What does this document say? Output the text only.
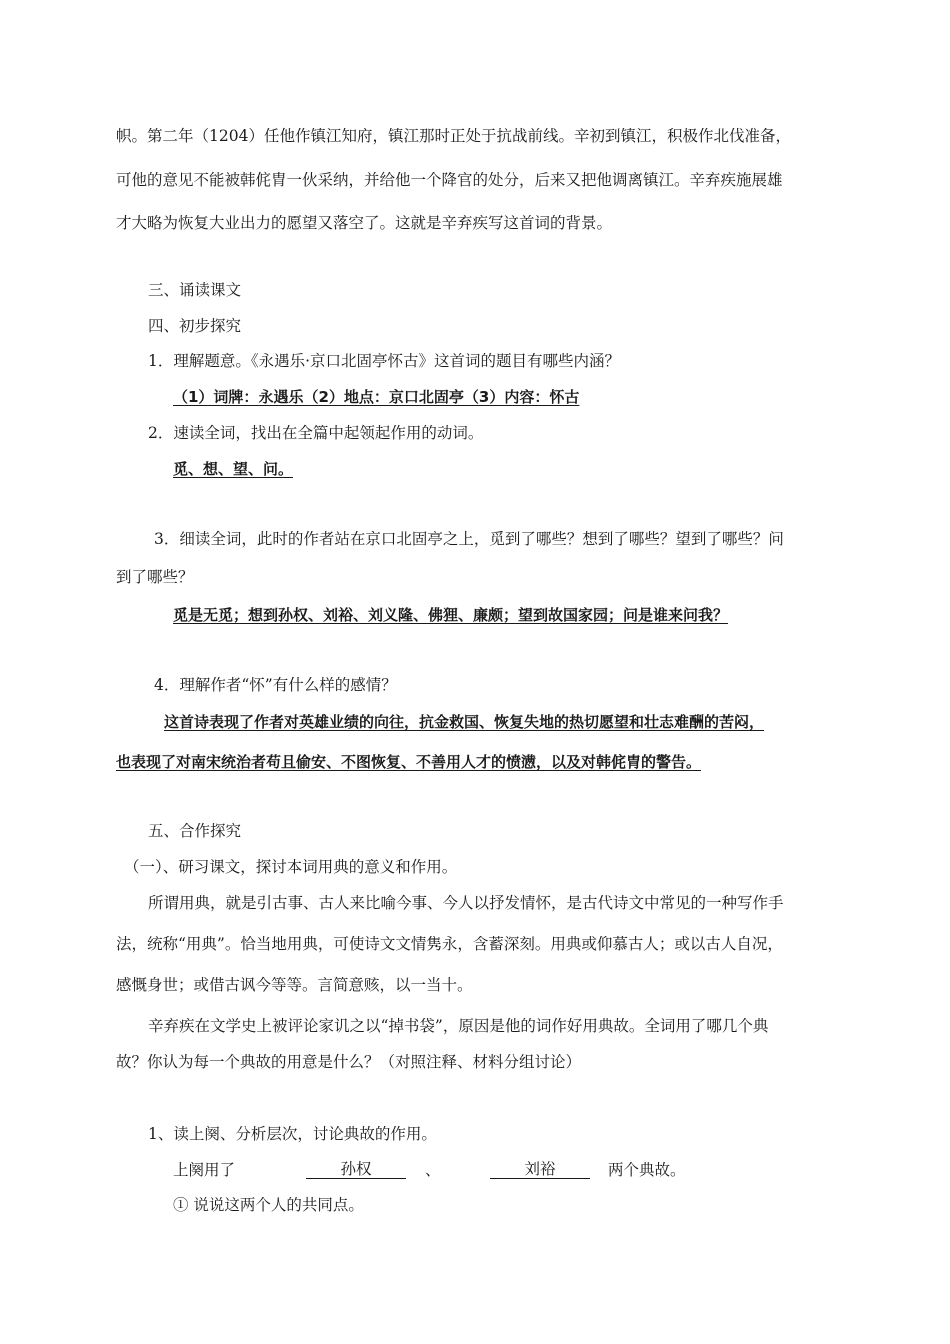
帜。第二年（1204）任他作镇江知府，镇江那时正处于抗战前线。辛初到镇江，积极作北伐准备，
可他的意见不能被韩侂胄一伙采纳，并给他一个降官的处分，后来又把他调离镇江。辛弃疾施展雄
才大略为恢复大业出力的愿望又落空了。这就是辛弃疾写这首词的背景。
三、诵读课文
四、初步探究
1．理解题意。《永遇乐·京口北固亭怀古》这首词的题目有哪些内涵？
（1）词牌：永遇乐（2）地点：京口北固亭（3）内容：怀古
2．速读全词，找出在全篇中起领起作用的动词。
觅、想、望、问。
3．细读全词，此时的作者站在京口北固亭之上，觅到了哪些？想到了哪些？望到了哪些？问
到了哪些？
觅是无觅；想到孙权、刘裕、刘义隆、佛狸、廉颇；望到故国家园；问是谁来问我？
4．理解作者“怀”有什么样的感情？
这首诗表现了作者对英雄业绩的向往，抗金救国、恢复失地的热切愿望和壮志难酬的苦闷，
也表现了对南宋统治者苟且偷安、不图恢复、不善用人才的愤懑，以及对韩侂胄的警告。
五、合作探究
（一）、研习课文，探讨本词用典的意义和作用。
所谓用典，就是引古事、古人来比喻今事、今人以抒发情怀，是古代诗文中常见的一种写作手
法，统称“用典”。恰当地用典，可使诗文文情隽永，含蓄深刻。用典或仰慕古人；或以古人自况，
感慨身世；或借古讽今等等。言简意赅，以一当十。
辛弃疾在文学史上被评论家讥之以“掉书袋”，原因是他的词作好用典故。全词用了哪几个典
故？你认为每一个典故的用意是什么？（对照注释、材料分组讨论）
1、读上阕、分析层次，讨论典故的作用。
上阕用了	孙权	、	刘裕	两个典故。
① 说说这两个人的共同点。
